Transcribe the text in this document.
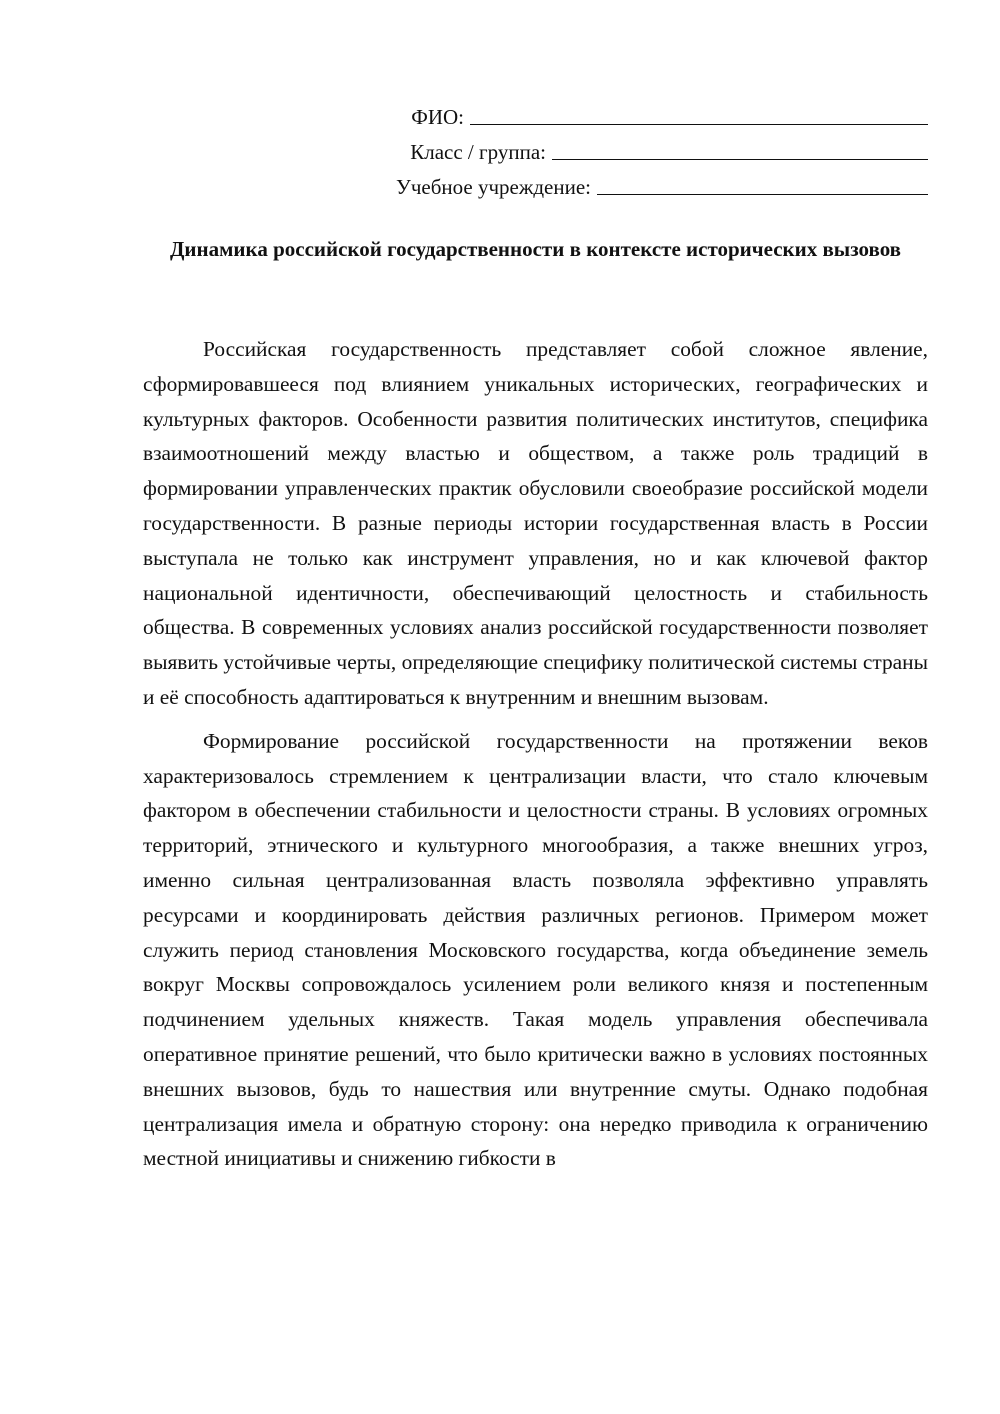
ФИО:
Класс / группа:
Учебное учреждение:
Динамика российской государственности в контексте исторических вызовов

Российская государственность представляет собой сложное явление, сформировавшееся под влиянием уникальных исторических, географических и культурных факторов. Особенности развития политических институтов, специфика взаимоотношений между властью и обществом, а также роль традиций в формировании управленческих практик обусловили своеобразие российской модели государственности. В разные периоды истории государственная власть в России выступала не только как инструмент управления, но и как ключевой фактор национальной идентичности, обеспечивающий целостность и стабильность общества. В современных условиях анализ российской государственности позволяет выявить устойчивые черты, определяющие специфику политической системы страны и её способность адаптироваться к внутренним и внешним вызовам.

Формирование российской государственности на протяжении веков характеризовалось стремлением к централизации власти, что стало ключевым фактором в обеспечении стабильности и целостности страны. В условиях огромных территорий, этнического и культурного многообразия, а также внешних угроз, именно сильная централизованная власть позволяла эффективно управлять ресурсами и координировать действия различных регионов. Примером может служить период становления Московского государства, когда объединение земель вокруг Москвы сопровождалось усилением роли великого князя и постепенным подчинением удельных княжеств. Такая модель управления обеспечивала оперативное принятие решений, что было критически важно в условиях постоянных внешних вызовов, будь то нашествия или внутренние смуты. Однако подобная централизация имела и обратную сторону: она нередко приводила к ограничению местной инициативы и снижению гибкости в
